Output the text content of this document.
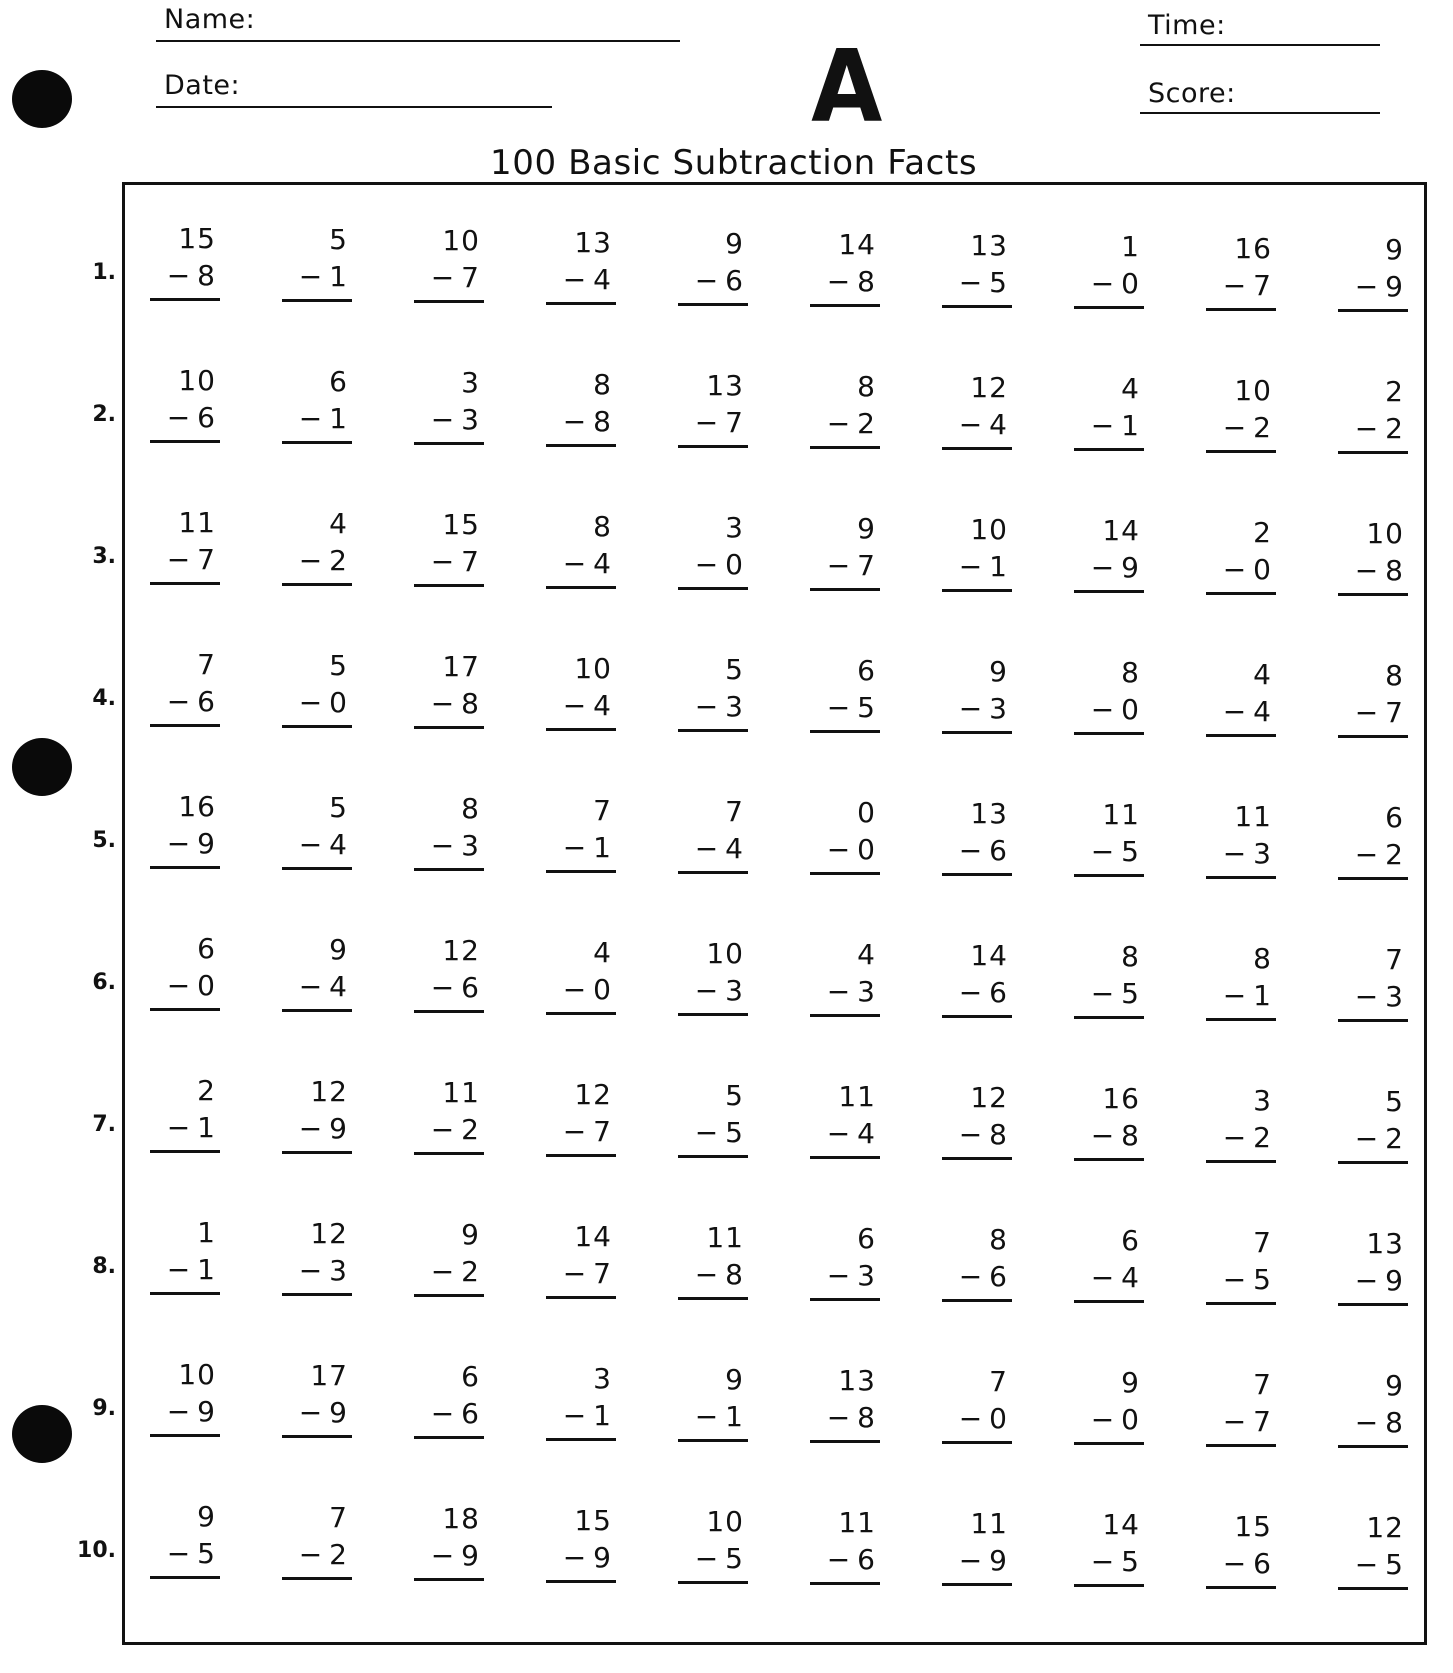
Name:
Date:
Time:
Score:
A
100 Basic Subtraction Facts
1.
15
− 8
5
− 1
10
− 7
13
− 4
9
− 6
14
− 8
13
− 5
1
− 0
16
− 7
9
− 9
2.
10
− 6
6
− 1
3
− 3
8
− 8
13
− 7
8
− 2
12
− 4
4
− 1
10
− 2
2
− 2
3.
11
− 7
4
− 2
15
− 7
8
− 4
3
− 0
9
− 7
10
− 1
14
− 9
2
− 0
10
− 8
4.
7
− 6
5
− 0
17
− 8
10
− 4
5
− 3
6
− 5
9
− 3
8
− 0
4
− 4
8
− 7
5.
16
− 9
5
− 4
8
− 3
7
− 1
7
− 4
0
− 0
13
− 6
11
− 5
11
− 3
6
− 2
6.
6
− 0
9
− 4
12
− 6
4
− 0
10
− 3
4
− 3
14
− 6
8
− 5
8
− 1
7
− 3
7.
2
− 1
12
− 9
11
− 2
12
− 7
5
− 5
11
− 4
12
− 8
16
− 8
3
− 2
5
− 2
8.
1
− 1
12
− 3
9
− 2
14
− 7
11
− 8
6
− 3
8
− 6
6
− 4
7
− 5
13
− 9
9.
10
− 9
17
− 9
6
− 6
3
− 1
9
− 1
13
− 8
7
− 0
9
− 0
7
− 7
9
− 8
10.
9
− 5
7
− 2
18
− 9
15
− 9
10
− 5
11
− 6
11
− 9
14
− 5
15
− 6
12
− 5
